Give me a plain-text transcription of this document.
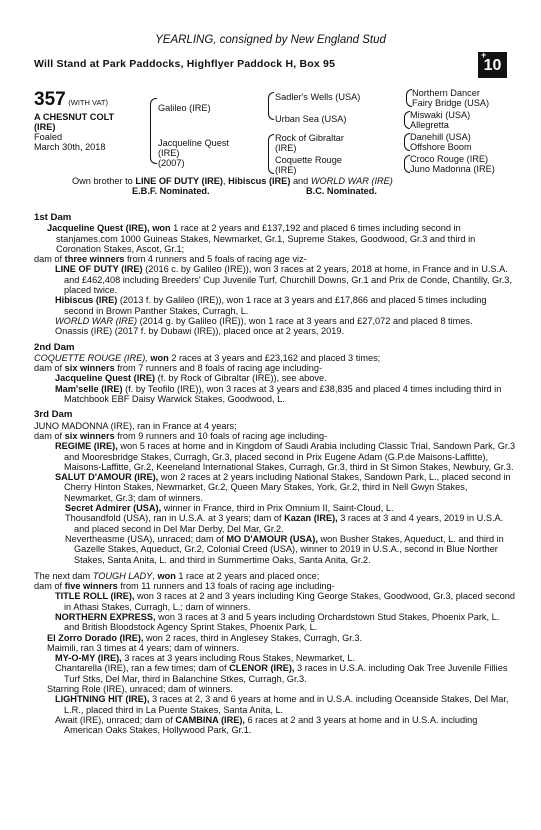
YEARLING, consigned by New England Stud
Will Stand at Park Paddocks, Highflyer Paddock H, Box 95
+
10
357 (WITH VAT)
A CHESNUT COLT
(IRE)
Foaled
March 30th, 2018
Galileo (IRE)
Jacqueline Quest
(IRE)
(2007)
Sadler's Wells (USA)
Urban Sea (USA)
Rock of Gibraltar
(IRE)
Coquette Rouge
(IRE)
Northern Dancer
Fairy Bridge (USA)
Miswaki (USA)
Allegretta
Danehill (USA)
Offshore Boom
Croco Rouge (IRE)
Juno Madonna (IRE)
Own brother to LINE OF DUTY (IRE), Hibiscus (IRE) and WORLD WAR (IRE)
E.B.F. Nominated.	B.C. Nominated.

1st Dam

Jacqueline Quest (IRE), won 1 race at 2 years and £137,192 and placed 6 times including second in stanjames.com 1000 Guineas Stakes, Newmarket, Gr.1, Supreme Stakes, Goodwood, Gr.3 and third in Coronation Stakes, Ascot, Gr.1;

dam of three winners from 4 runners and 5 foals of racing age viz-

LINE OF DUTY (IRE) (2016 c. by Galileo (IRE)), won 3 races at 2 years, 2018 at home, in France and in U.S.A. and £462,408 including Breeders' Cup Juvenile Turf, Churchill Downs, Gr.1 and Prix de Conde, Chantilly, Gr.3, placed twice.

Hibiscus (IRE) (2013 f. by Galileo (IRE)), won 1 race at 3 years and £17,866 and placed 5 times including second in Brown Panther Stakes, Curragh, L.

WORLD WAR (IRE) (2014 g. by Galileo (IRE)), won 1 race at 3 years and £27,072 and placed 8 times.

Onassis (IRE) (2017 f. by Dubawi (IRE)), placed once at 2 years, 2019.

2nd Dam

COQUETTE ROUGE (IRE), won 2 races at 3 years and £23,162 and placed 3 times;

dam of six winners from 7 runners and 8 foals of racing age including-

Jacqueline Quest (IRE) (f. by Rock of Gibraltar (IRE)), see above.

Mam'selle (IRE) (f. by Teofilo (IRE)), won 3 races at 3 years and £38,835 and placed 4 times including third in Matchbook EBF Daisy Warwick Stakes, Goodwood, L.

3rd Dam

JUNO MADONNA (IRE), ran in France at 4 years;

dam of six winners from 9 runners and 10 foals of racing age including-

REGIME (IRE), won 5 races at home and in Kingdom of Saudi Arabia including Classic Trial, Sandown Park, Gr.3 and Mooresbridge Stakes, Curragh, Gr.3, placed second in Prix Eugene Adam (G.P.de Maisons-Laffitte), Maisons-Laffitte, Gr.2, Keeneland International Stakes, Curragh, Gr.3, third in St Simon Stakes, Newbury, Gr.3.

SALUT D'AMOUR (IRE), won 2 races at 2 years including National Stakes, Sandown Park, L., placed second in Cherry Hinton Stakes, Newmarket, Gr.2, Queen Mary Stakes, York, Gr.2, third in Nell Gwyn Stakes, Newmarket, Gr.3; dam of winners.

Secret Admirer (USA), winner in France, third in Prix Omnium II, Saint-Cloud, L.

Thousandfold (USA), ran in U.S.A. at 3 years; dam of Kazan (IRE), 3 races at 3 and 4 years, 2019 in U.S.A. and placed second in Del Mar Derby, Del Mar, Gr.2.

Nevertheasme (USA), unraced; dam of MO D'AMOUR (USA), won Busher Stakes, Aqueduct, L. and third in Gazelle Stakes, Aqueduct, Gr.2, Colonial Creed (USA), winner to 2019 in U.S.A., second in Blue Norther Stakes, Santa Anita, L. and third in Summertime Oaks, Santa Anita, Gr.2.

The next dam TOUGH LADY, won 1 race at 2 years and placed once;

dam of five winners from 11 runners and 13 foals of racing age including-

TITLE ROLL (IRE), won 3 races at 2 and 3 years including King George Stakes, Goodwood, Gr.3, placed second in Athasi Stakes, Curragh, L.; dam of winners.

NORTHERN EXPRESS, won 3 races at 3 and 5 years including Orchardstown Stud Stakes, Phoenix Park, L. and British Bloodstock Agency Sprint Stakes, Phoenix Park, L.

El Zorro Dorado (IRE), won 2 races, third in Anglesey Stakes, Curragh, Gr.3.

Maimili, ran 3 times at 4 years; dam of winners.

MY-O-MY (IRE), 3 races at 3 years including Rous Stakes, Newmarket, L.

Chantarella (IRE), ran a few times; dam of CLENOR (IRE), 3 races in U.S.A. including Oak Tree Juvenile Fillies Turf Stks, Del Mar, third in Balanchine Stkes, Curragh, Gr.3.

Starring Role (IRE), unraced; dam of winners.

LIGHTNING HIT (IRE), 3 races at 2, 3 and 6 years at home and in U.S.A. including Oceanside Stakes, Del Mar, L.R., placed third in La Puente Stakes, Santa Anita, L.

Await (IRE), unraced; dam of CAMBINA (IRE), 6 races at 2 and 3 years at home and in U.S.A. including American Oaks Stakes, Hollywood Park, Gr.1.
